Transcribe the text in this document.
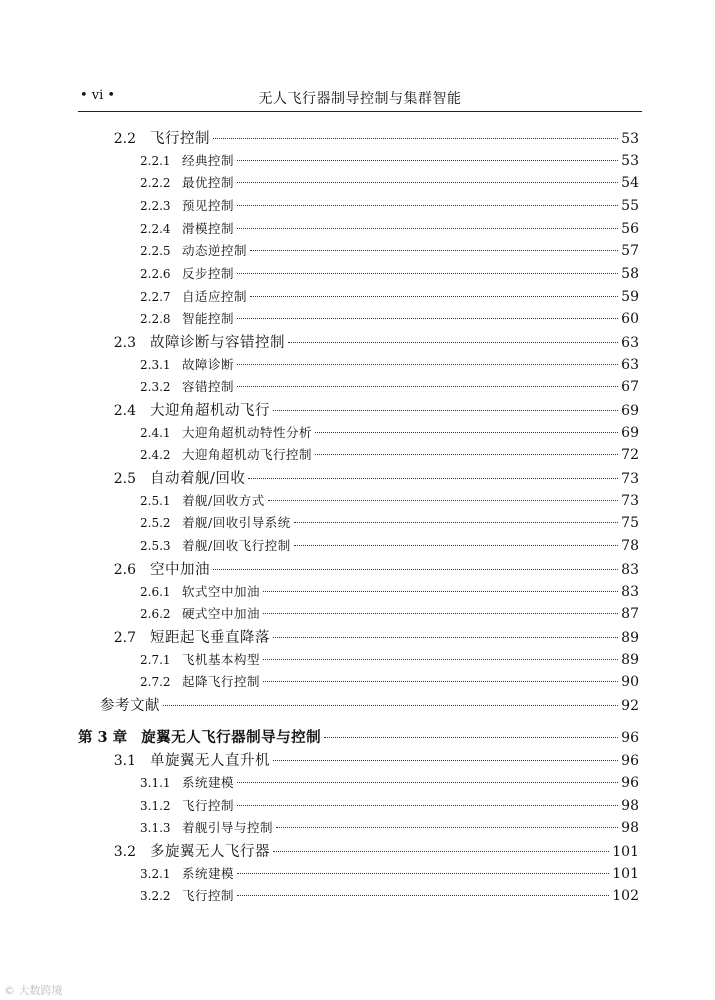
• vi •	无人飞行器制导控制与集群智能
2.2 飞行控制	53
2.2.1 经典控制	53
2.2.2 最优控制	54
2.2.3 预见控制	55
2.2.4 滑模控制	56
2.2.5 动态逆控制	57
2.2.6 反步控制	58
2.2.7 自适应控制	59
2.2.8 智能控制	60
2.3 故障诊断与容错控制	63
2.3.1 故障诊断	63
2.3.2 容错控制	67
2.4 大迎角超机动飞行	69
2.4.1 大迎角超机动特性分析	69
2.4.2 大迎角超机动飞行控制	72
2.5 自动着舰/回收	73
2.5.1 着舰/回收方式	73
2.5.2 着舰/回收引导系统	75
2.5.3 着舰/回收飞行控制	78
2.6 空中加油	83
2.6.1 软式空中加油	83
2.6.2 硬式空中加油	87
2.7 短距起飞垂直降落	89
2.7.1 飞机基本构型	89
2.7.2 起降飞行控制	90
参考文献	92
第 3 章 旋翼无人飞行器制导与控制	96
3.1 单旋翼无人直升机	96
3.1.1 系统建模	96
3.1.2 飞行控制	98
3.1.3 着舰引导与控制	98
3.2 多旋翼无人飞行器	101
3.2.1 系统建模	101
3.2.2 飞行控制	102
© 大数跨境
